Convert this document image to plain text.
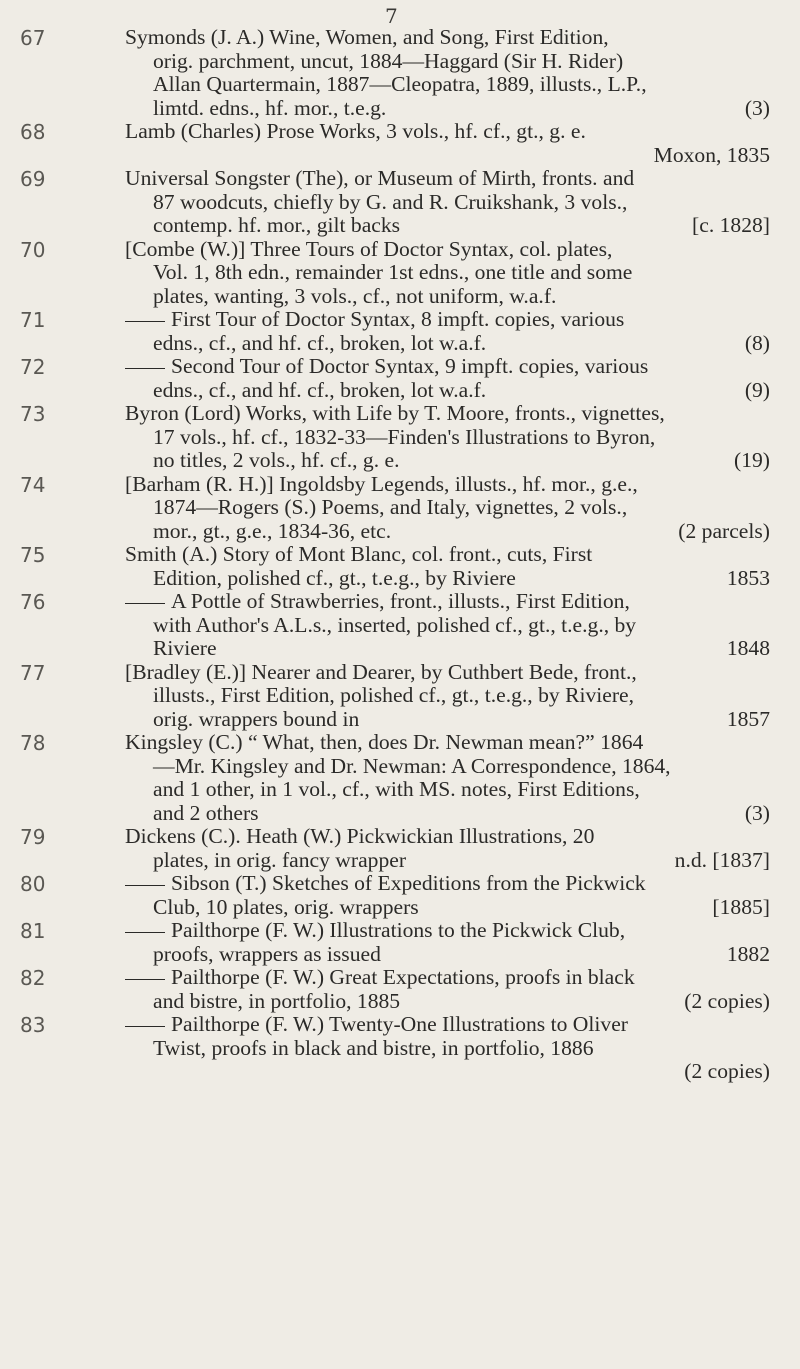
7
67	Symonds (J. A.) Wine, Women, and Song, First Edition,
orig. parchment, uncut, 1884—Haggard (Sir H. Rider)
Allan Quartermain, 1887—Cleopatra, 1889, illusts., L.P.,
limtd. edns., hf. mor., t.e.g.	(3)
68	Lamb (Charles) Prose Works, 3 vols., hf. cf., gt., g. e.
Moxon, 1835
69	Universal Songster (The), or Museum of Mirth, fronts. and
87 woodcuts, chiefly by G. and R. Cruikshank, 3 vols.,
contemp. hf. mor., gilt backs	[c. 1828]
70	[Combe (W.)] Three Tours of Doctor Syntax, col. plates,
Vol. 1, 8th edn., remainder 1st edns., one title and some
plates, wanting, 3 vols., cf., not uniform, w.a.f.
71	First Tour of Doctor Syntax, 8 impft. copies, various
edns., cf., and hf. cf., broken, lot w.a.f.	(8)
72	Second Tour of Doctor Syntax, 9 impft. copies, various
edns., cf., and hf. cf., broken, lot w.a.f.	(9)
73	Byron (Lord) Works, with Life by T. Moore, fronts., vignettes,
17 vols., hf. cf., 1832-33—Finden's Illustrations to Byron,
no titles, 2 vols., hf. cf., g. e.	(19)
74	[Barham (R. H.)] Ingoldsby Legends, illusts., hf. mor., g.e.,
1874—Rogers (S.) Poems, and Italy, vignettes, 2 vols.,
mor., gt., g.e., 1834-36, etc.	(2 parcels)
75	Smith (A.) Story of Mont Blanc, col. front., cuts, First
Edition, polished cf., gt., t.e.g., by Riviere	1853
76	A Pottle of Strawberries, front., illusts., First Edition,
with Author's A.L.s., inserted, polished cf., gt., t.e.g., by
Riviere	1848
77	[Bradley (E.)] Nearer and Dearer, by Cuthbert Bede, front.,
illusts., First Edition, polished cf., gt., t.e.g., by Riviere,
orig. wrappers bound in	1857
78	Kingsley (C.) “ What, then, does Dr. Newman mean?” 1864
—Mr. Kingsley and Dr. Newman: A Correspondence, 1864,
and 1 other, in 1 vol., cf., with MS. notes, First Editions,
and 2 others	(3)
79	Dickens (C.). Heath (W.) Pickwickian Illustrations, 20
plates, in orig. fancy wrapper	n.d. [1837]
80	Sibson (T.) Sketches of Expeditions from the Pickwick
Club, 10 plates, orig. wrappers	[1885]
81	Pailthorpe (F. W.) Illustrations to the Pickwick Club,
proofs, wrappers as issued	1882
82	Pailthorpe (F. W.) Great Expectations, proofs in black
and bistre, in portfolio, 1885	(2 copies)
83	Pailthorpe (F. W.) Twenty-One Illustrations to Oliver
Twist, proofs in black and bistre, in portfolio, 1886
(2 copies)
